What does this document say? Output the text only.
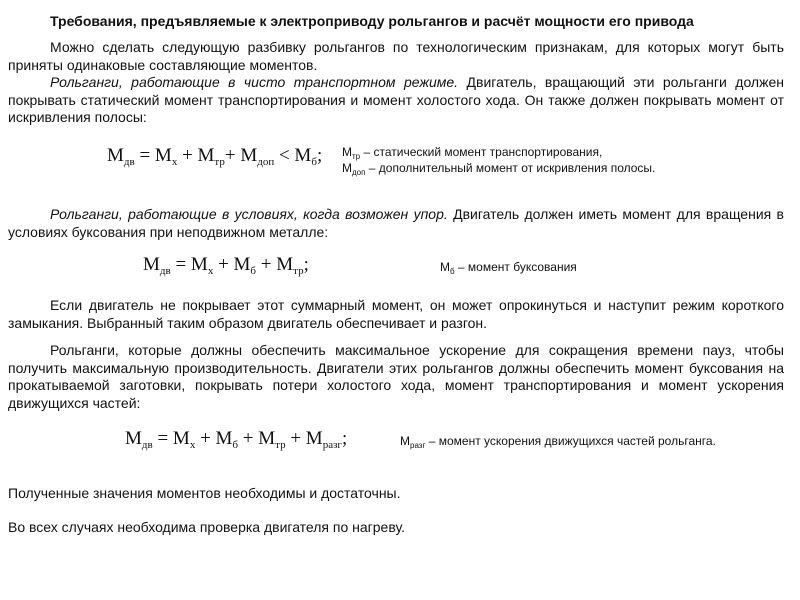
Требования, предъявляемые к электроприводу рольгангов и расчёт мощности его привода
Можно сделать следующую разбивку рольгангов по технологическим признакам, для которых могут быть приняты одинаковые составляющие моментов.
Рольганги, работающие в чисто транспортном режиме. Двигатель, вращающий эти рольганги должен покрывать статический момент транспортирования и момент холостого хода. Он также должен покрывать момент от искривления полосы:
$M_{дв} = M_x + M_{тр}+ M_{доп} < M_б$; $M_{тр}$ – статический момент транспортирования,
$M_{доп}$ – дополнительный момент от искривления полосы.
Рольганги, работающие в условиях, когда возможен упор. Двигатель должен иметь момент для вращения в условиях буксования при неподвижном металле:
$M_{дв} = M_x + M_б + M_{тр}$;	$M_б$ – момент буксования
Если двигатель не покрывает этот суммарный момент, он может опрокинуться и наступит режим короткого замыкания. Выбранный таким образом двигатель обеспечивает и разгон.
Рольганги, которые должны обеспечить максимальное ускорение для сокращения времени пауз, чтобы получить максимальную производительность. Двигатели этих рольгангов должны обеспечить момент буксования на прокатываемой заготовки, покрывать потери холостого хода, момент транспортирования и момент ускорения движущихся частей:
$M_{дв} = M_x + M_б + M_{тр} + M_{разг}$;	$M_{разг}$ – момент ускорения движущихся частей рольганга.
Полученные значения моментов необходимы и достаточны.
Во всех случаях необходима проверка двигателя по нагреву.
